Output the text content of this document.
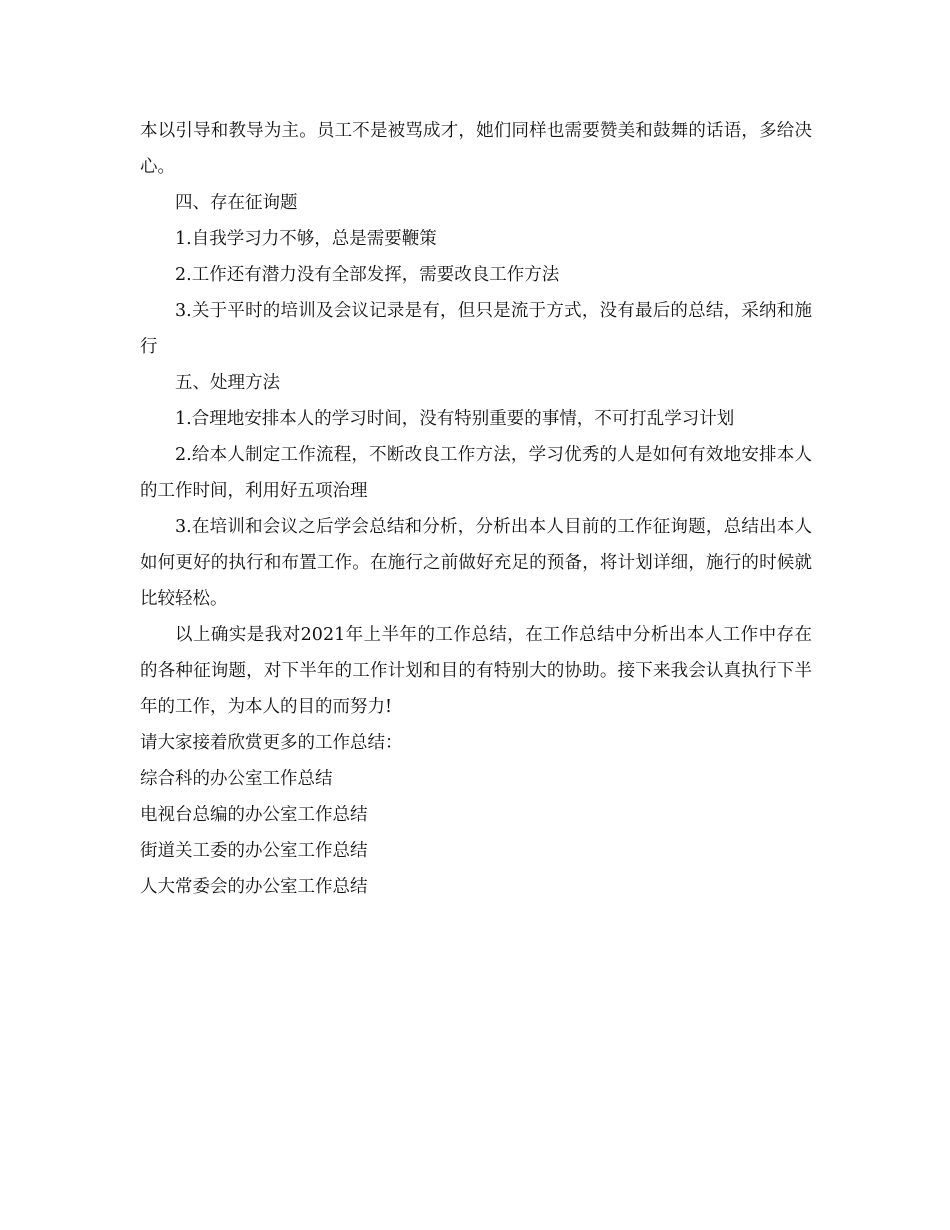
本以引导和教导为主。员工不是被骂成才，她们同样也需要赞美和鼓舞的话语，多给决心。

四、存在征询题

1.自我学习力不够，总是需要鞭策

2.工作还有潜力没有全部发挥，需要改良工作方法

3.关于平时的培训及会议记录是有，但只是流于方式，没有最后的总结，采纳和施行

五、处理方法

1.合理地安排本人的学习时间，没有特别重要的事情，不可打乱学习计划

2.给本人制定工作流程，不断改良工作方法，学习优秀的人是如何有效地安排本人的工作时间，利用好五项治理

3.在培训和会议之后学会总结和分析，分析出本人目前的工作征询题，总结出本人如何更好的执行和布置工作。在施行之前做好充足的预备，将计划详细，施行的时候就比较轻松。

以上确实是我对2021年上半年的工作总结，在工作总结中分析出本人工作中存在的各种征询题，对下半年的工作计划和目的有特别大的协助。接下来我会认真执行下半年的工作，为本人的目的而努力!

请大家接着欣赏更多的工作总结：

综合科的办公室工作总结

电视台总编的办公室工作总结

街道关工委的办公室工作总结

人大常委会的办公室工作总结
